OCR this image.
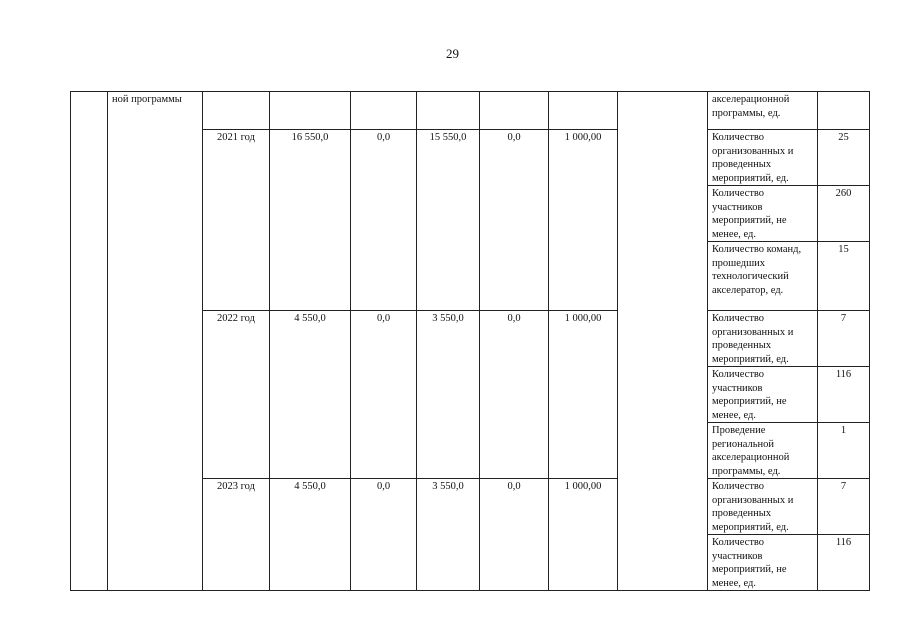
29
	ной программы								акселерационной программы, ед.	
		2021 год	16 550,0	0,0	15 550,0	0,0	1 000,00		Количество организованных и проведенных мероприятий, ед.	25
									Количество участников мероприятий, не менее, ед.	260
									Количество команд, прошедших технологический акселератор, ед.	15
		2022 год	4 550,0	0,0	3 550,0	0,0	1 000,00		Количество организованных и проведенных мероприятий, ед.	7
									Количество участников мероприятий, не менее, ед.	116
									Проведение региональной акселерационной программы, ед.	1
		2023 год	4 550,0	0,0	3 550,0	0,0	1 000,00		Количество организованных и проведенных мероприятий, ед.	7
									Количество участников мероприятий, не менее, ед.	116
